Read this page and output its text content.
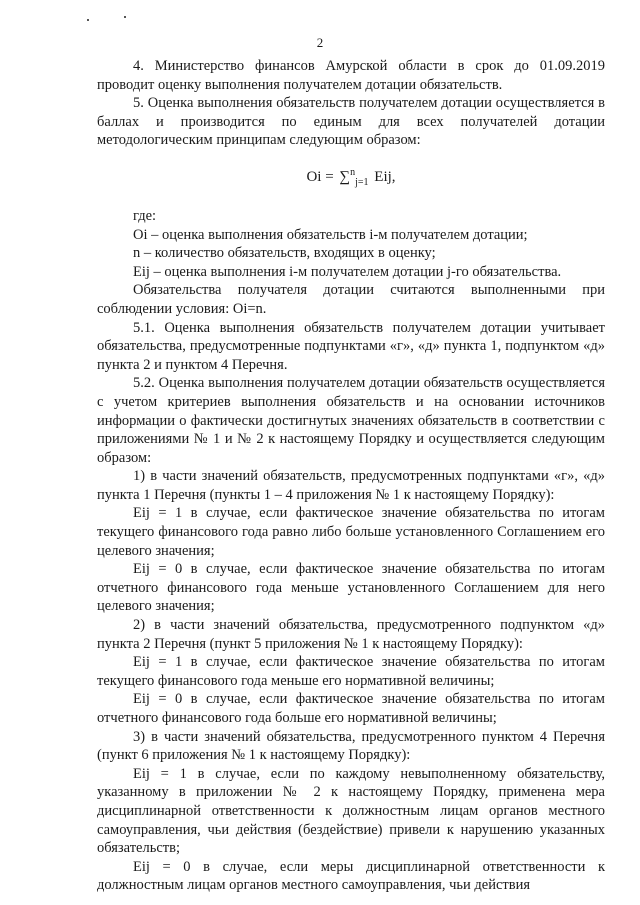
2

4. Министерство финансов Амурской области в срок до 01.09.2019 проводит оценку выполнения получателем дотации обязательств.

5. Оценка выполнения обязательств получателем дотации осуществляется в баллах и производится по единым для всех получателей дотации методологическим принципам следующим образом:

Oi = ∑$^n_{j=1}$ Eij,

где:

Oi – оценка выполнения обязательств i-м получателем дотации;

n – количество обязательств, входящих в оценку;

Eij – оценка выполнения i-м получателем дотации j-го обязательства.

Обязательства получателя дотации считаются выполненными при соблюдении условия: Oi=n.

5.1. Оценка выполнения обязательств получателем дотации учитывает обязательства, предусмотренные подпунктами «г», «д» пункта 1, подпунктом «д» пункта 2 и пунктом 4 Перечня.

5.2. Оценка выполнения получателем дотации обязательств осуществляется с учетом критериев выполнения обязательств и на основании источников информации о фактически достигнутых значениях обязательств в соответствии с приложениями № 1 и № 2 к настоящему Порядку и осуществляется следующим образом:

1) в части значений обязательств, предусмотренных подпунктами «г», «д» пункта 1 Перечня (пункты 1 – 4 приложения № 1 к настоящему Порядку):

Eij = 1 в случае, если фактическое значение обязательства по итогам текущего финансового года равно либо больше установленного Соглашением его целевого значения;

Eij = 0 в случае, если фактическое значение обязательства по итогам отчетного финансового года меньше установленного Соглашением для него целевого значения;

2) в части значений обязательства, предусмотренного подпунктом «д» пункта 2 Перечня (пункт 5 приложения № 1 к настоящему Порядку):

Eij = 1 в случае, если фактическое значение обязательства по итогам текущего финансового года меньше его нормативной величины;

Eij = 0 в случае, если фактическое значение обязательства по итогам отчетного финансового года больше его нормативной величины;

3) в части значений обязательства, предусмотренного пунктом 4 Перечня (пункт 6 приложения № 1 к настоящему Порядку):

Eij = 1 в случае, если по каждому невыполненному обязательству, указанному в приложении № 2 к настоящему Порядку, применена мера дисциплинарной ответственности к должностным лицам органов местного самоуправления, чьи действия (бездействие) привели к нарушению указанных обязательств;

Eij = 0 в случае, если меры дисциплинарной ответственности к должностным лицам органов местного самоуправления, чьи действия
